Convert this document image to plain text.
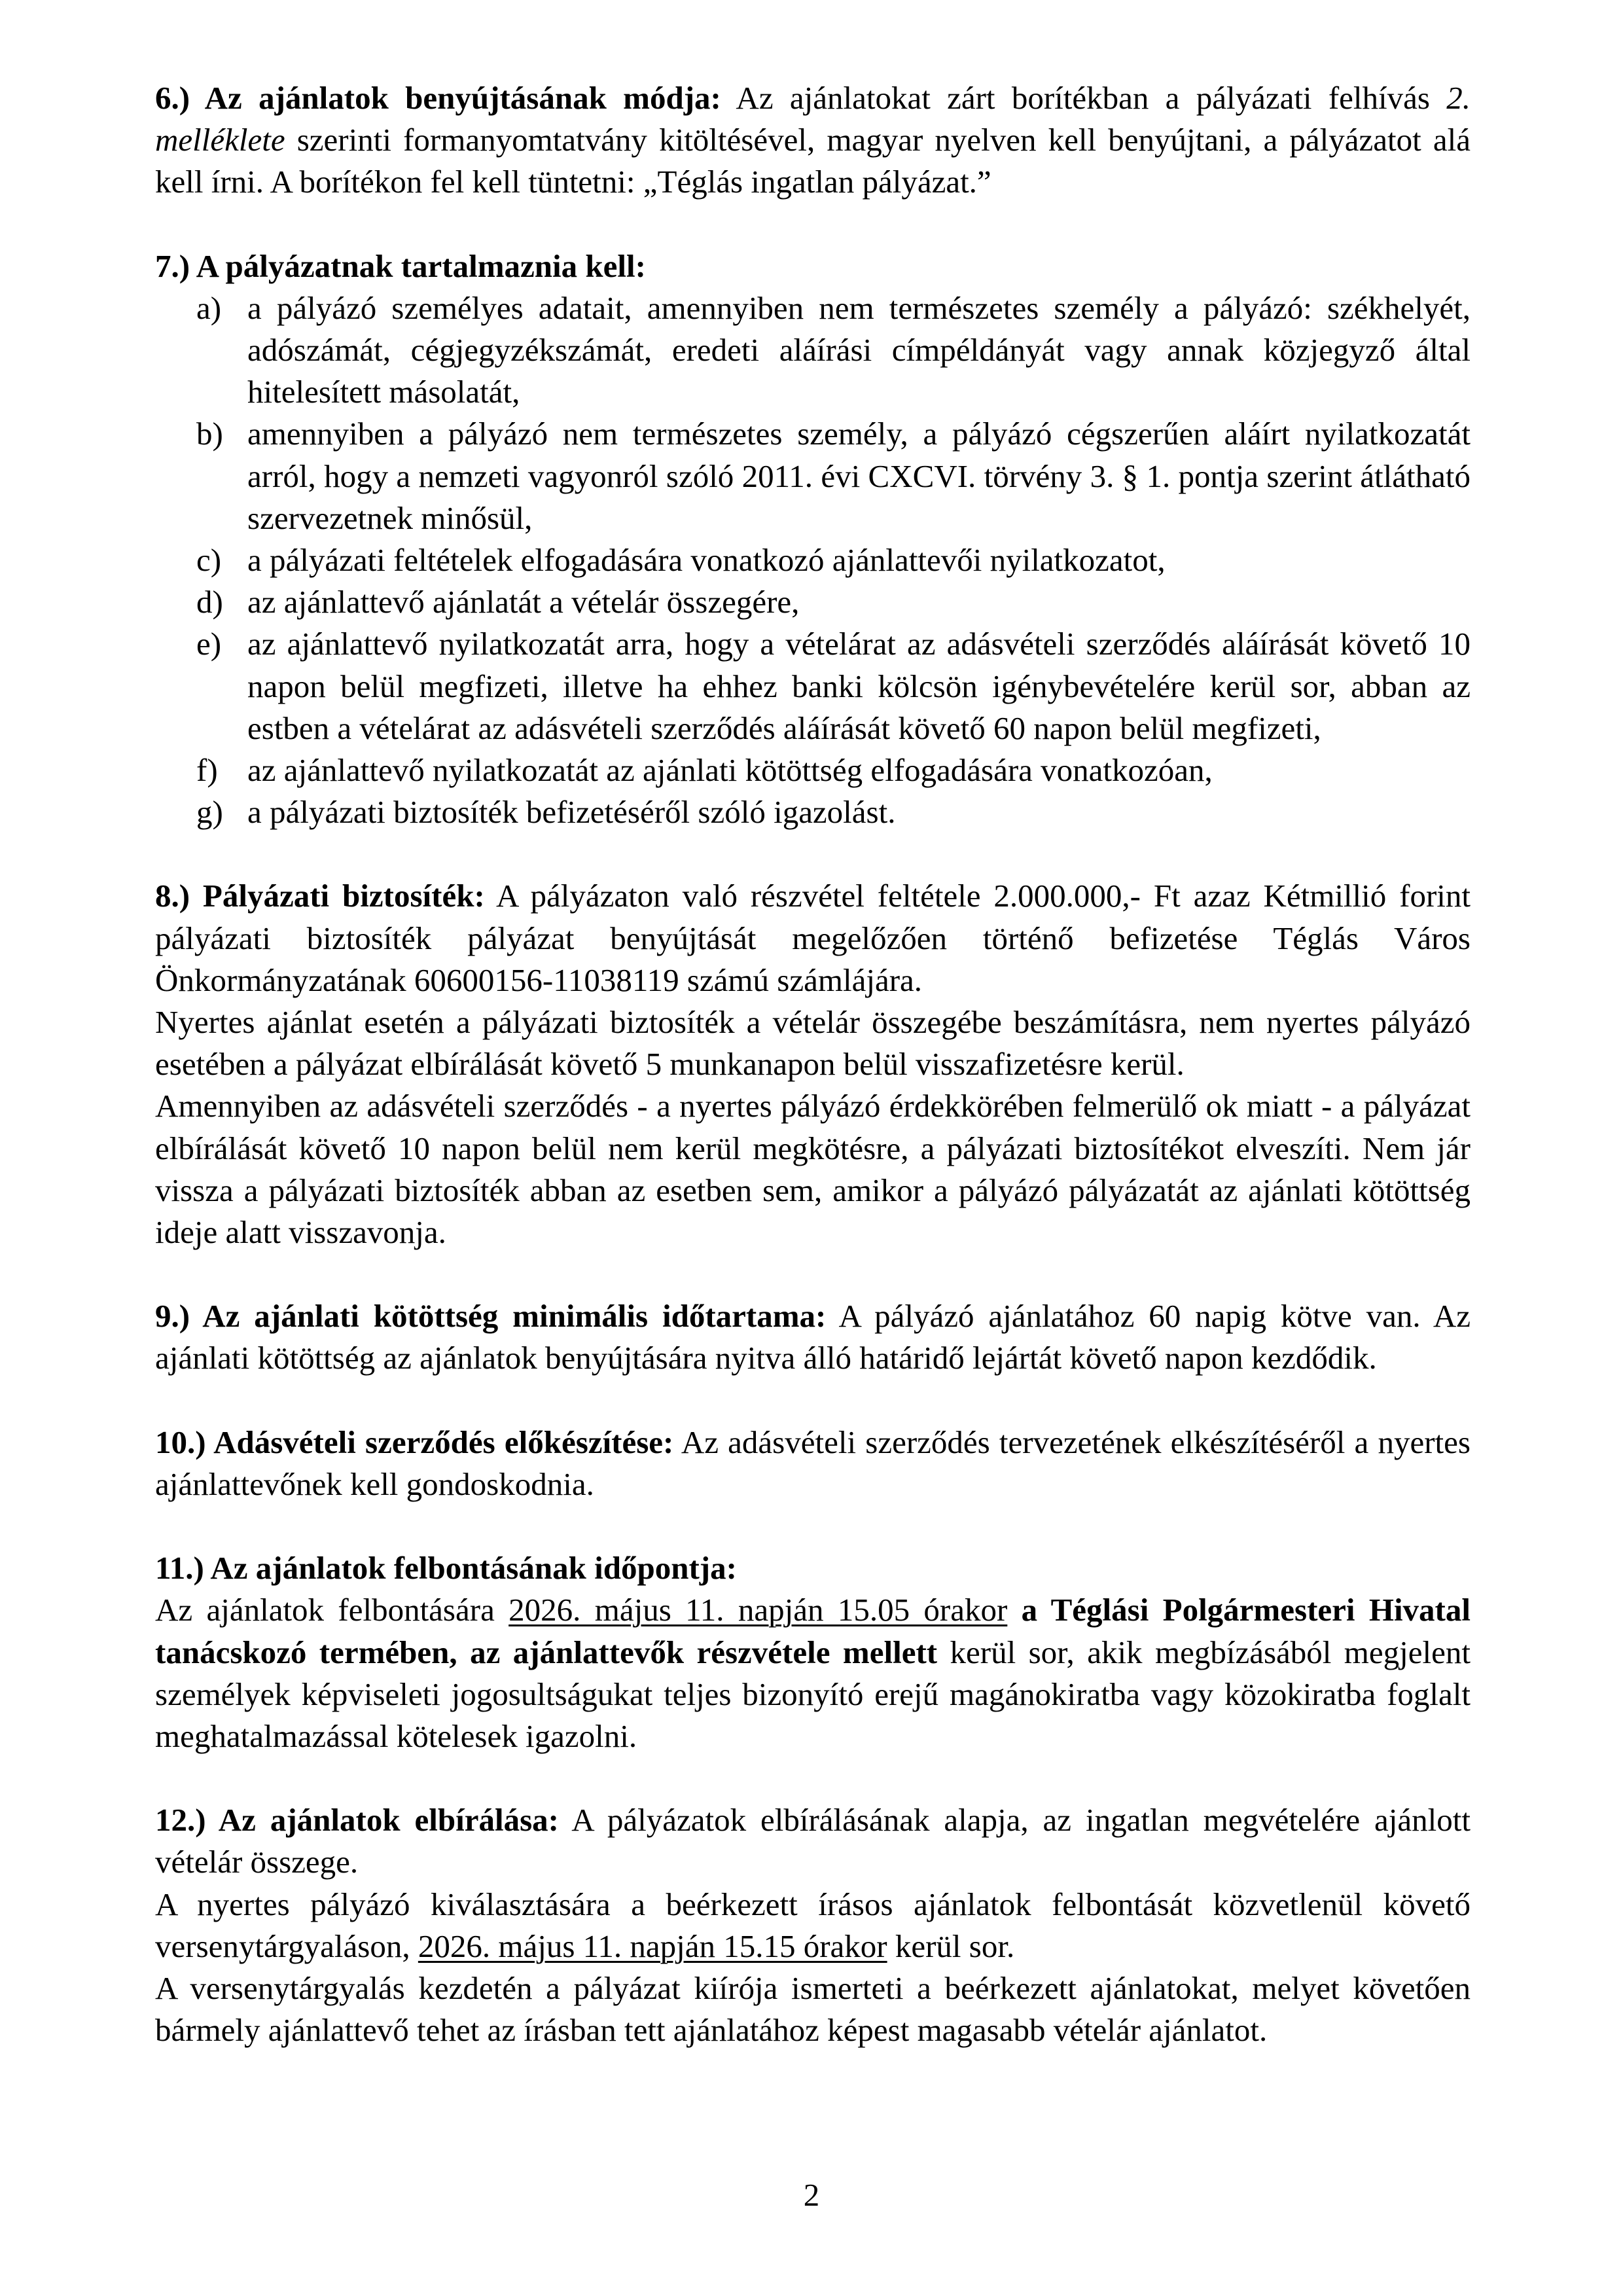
6.) Az ajánlatok benyújtásának módja: Az ajánlatokat zárt borítékban a pályázati felhívás 2. melléklete szerinti formanyomtatvány kitöltésével, magyar nyelven kell benyújtani, a pályázatot alá kell írni. A borítékon fel kell tüntetni: „Téglás ingatlan pályázat.”

7.) A pályázatnak tartalmaznia kell:

a) a pályázó személyes adatait, amennyiben nem természetes személy a pályázó: székhelyét, adószámát, cégjegyzékszámát, eredeti aláírási címpéldányát vagy annak közjegyző által hitelesített másolatát,
b) amennyiben a pályázó nem természetes személy, a pályázó cégszerűen aláírt nyilatkozatát arról, hogy a nemzeti vagyonról szóló 2011. évi CXCVI. törvény 3. § 1. pontja szerint átlátható szervezetnek minősül,
c) a pályázati feltételek elfogadására vonatkozó ajánlattevői nyilatkozatot,
d) az ajánlattevő ajánlatát a vételár összegére,
e) az ajánlattevő nyilatkozatát arra, hogy a vételárat az adásvételi szerződés aláírását követő 10 napon belül megfizeti, illetve ha ehhez banki kölcsön igénybevételére kerül sor, abban az estben a vételárat az adásvételi szerződés aláírását követő 60 napon belül megfizeti,
f) az ajánlattevő nyilatkozatát az ajánlati kötöttség elfogadására vonatkozóan,
g) a pályázati biztosíték befizetéséről szóló igazolást.

8.) Pályázati biztosíték: A pályázaton való részvétel feltétele 2.000.000,- Ft azaz Kétmillió forint pályázati biztosíték pályázat benyújtását megelőzően történő befizetése Téglás Város Önkormányzatának 60600156-11038119 számú számlájára.

Nyertes ajánlat esetén a pályázati biztosíték a vételár összegébe beszámításra, nem nyertes pályázó esetében a pályázat elbírálását követő 5 munkanapon belül visszafizetésre kerül.

Amennyiben az adásvételi szerződés - a nyertes pályázó érdekkörében felmerülő ok miatt - a pályázat elbírálását követő 10 napon belül nem kerül megkötésre, a pályázati biztosítékot elveszíti. Nem jár vissza a pályázati biztosíték abban az esetben sem, amikor a pályázó pályázatát az ajánlati kötöttség ideje alatt visszavonja.

9.) Az ajánlati kötöttség minimális időtartama: A pályázó ajánlatához 60 napig kötve van. Az ajánlati kötöttség az ajánlatok benyújtására nyitva álló határidő lejártát követő napon kezdődik.

10.) Adásvételi szerződés előkészítése: Az adásvételi szerződés tervezetének elkészítéséről a nyertes ajánlattevőnek kell gondoskodnia.

11.) Az ajánlatok felbontásának időpontja:

Az ajánlatok felbontására 2026. május 11. napján 15.05 órakor a Téglási Polgármesteri Hivatal tanácskozó termében, az ajánlattevők részvétele mellett kerül sor, akik megbízásából megjelent személyek képviseleti jogosultságukat teljes bizonyító erejű magánokiratba vagy közokiratba foglalt meghatalmazással kötelesek igazolni.

12.) Az ajánlatok elbírálása: A pályázatok elbírálásának alapja, az ingatlan megvételére ajánlott vételár összege.

A nyertes pályázó kiválasztására a beérkezett írásos ajánlatok felbontását közvetlenül követő versenytárgyaláson, 2026. május 11. napján 15.15 órakor kerül sor.

A versenytárgyalás kezdetén a pályázat kiírója ismerteti a beérkezett ajánlatokat, melyet követően bármely ajánlattevő tehet az írásban tett ajánlatához képest magasabb vételár ajánlatot.

2
